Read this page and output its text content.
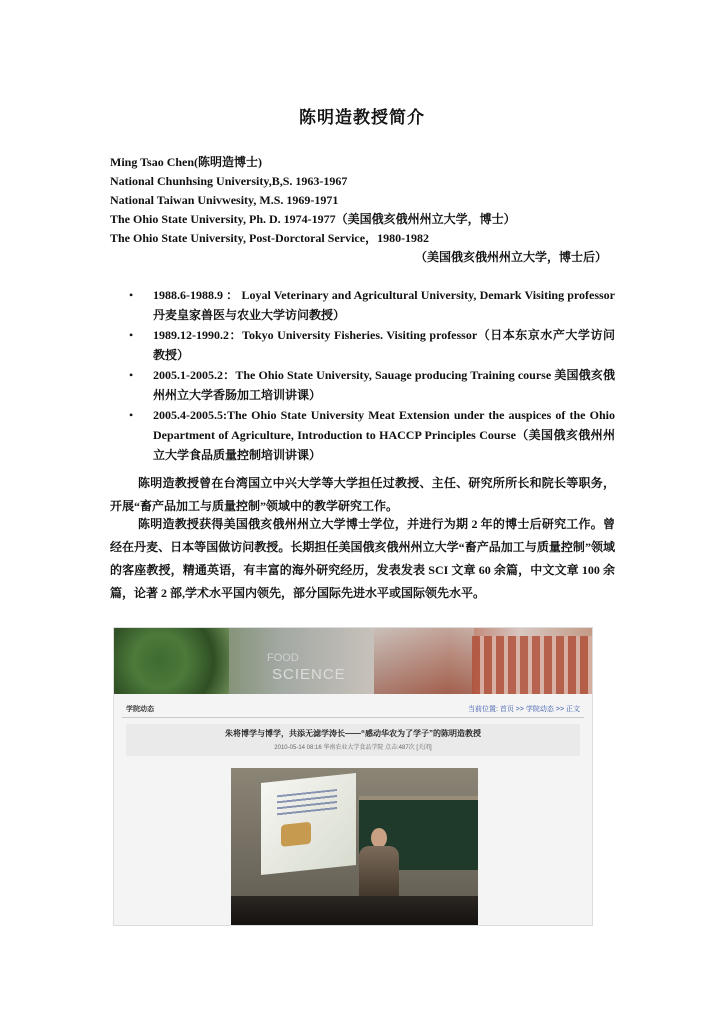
陈明造教授简介
Ming Tsao Chen(陈明造博士)
National Chunhsing University,B,S. 1963-1967
National Taiwan Univwesity, M.S. 1969-1971
The Ohio State University, Ph. D. 1974-1977（美国俄亥俄州州立大学，博士）
The Ohio State University, Post-Dorctoral Service，1980-1982
（美国俄亥俄州州立大学，博士后）
• 1988.6-1988.9 ： Loyal Veterinary and Agricultural University, Demark Visiting professor 丹麦皇家兽医与农业大学访问教授）
• 1989.12-1990.2：Tokyo University Fisheries. Visiting professor（日本东京水产大学访问教授）
• 2005.1-2005.2：The Ohio State University, Sauage producing Training course 美国俄亥俄州州立大学香肠加工培训讲课）
• 2005.4-2005.5:The Ohio State University Meat Extension under the auspices of the Ohio Department of Agriculture, Introduction to HACCP Principles Course（美国俄亥俄州州立大学食品质量控制培训讲课）

陈明造教授曾在台湾国立中兴大学等大学担任过教授、主任、研究所所长和院长等职务，开展“畜产品加工与质量控制”领域中的教学研究工作。

陈明造教授获得美国俄亥俄州州立大学博士学位，并进行为期 2 年的博士后研究工作。曾经在丹麦、日本等国做访问教授。长期担任美国俄亥俄州州立大学“畜产品加工与质量控制”领域的客座教授，精通英语，有丰富的海外研究经历，发表发表 SCI 文章 60 余篇，中文文章 100 余篇，论著 2 部,学术水平国内领先，部分国际先进水平或国际领先水平。

FOOD
SCIENCE
学院动态	当前位置: 首页 >> 学院动态 >> 正文
朱将博学与博学，共添无滤学涛长——“感动华农为了学子”的陈明造教授
2010-05-14 08:16 华南农业大学食品学院 点击:487次 [关闭]
